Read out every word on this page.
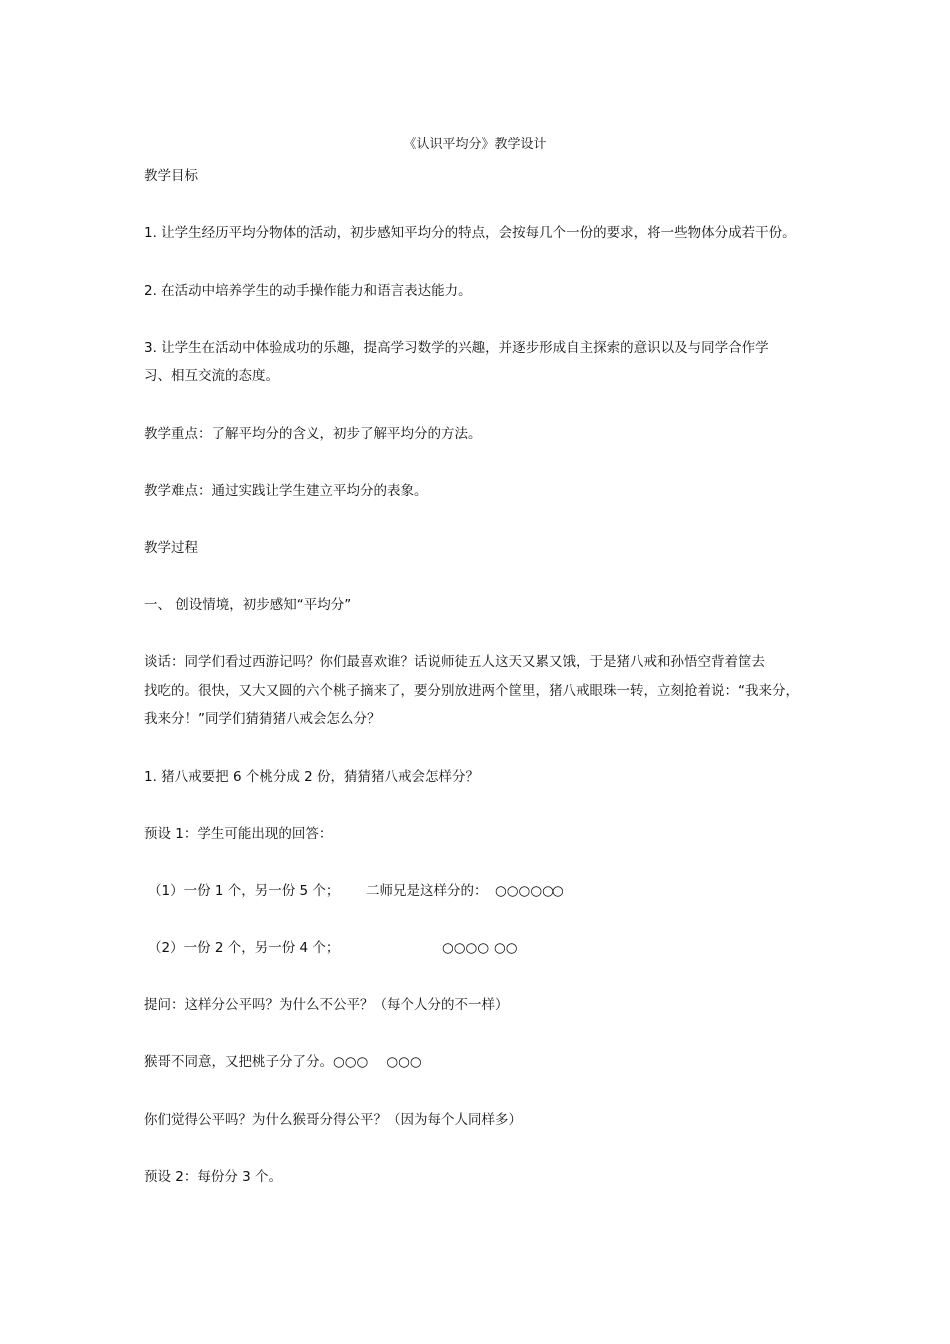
《认识平均分》教学设计
教学目标
1. 让学生经历平均分物体的活动，初步感知平均分的特点，会按每几个一份的要求，将一些物体分成若干份。
2. 在活动中培养学生的动手操作能力和语言表达能力。
3. 让学生在活动中体验成功的乐趣，提高学习数学的兴趣，并逐步形成自主探索的意识以及与同学合作学
习、相互交流的态度。
教学重点：了解平均分的含义，初步了解平均分的方法。
教学难点：通过实践让学生建立平均分的表象。
教学过程
一、 创设情境，初步感知“平均分”
谈话：同学们看过西游记吗？你们最喜欢谁？话说师徒五人这天又累又饿，于是猪八戒和孙悟空背着筐去
找吃的。很快，又大又圆的六个桃子摘来了，要分别放进两个筐里，猪八戒眼珠一转，立刻抢着说：“我来分，
我来分！”同学们猜猜猪八戒会怎么分？
1. 猪八戒要把 6 个桃分成 2 份，猜猜猪八戒会怎样分？
预设 1：学生可能出现的回答：
（1）一份 1 个，另一份 5 个； 二师兄是这样分的： ○○○○○
○
（2）一份 2 个，另一份 4 个；	○○○○ ○○
提问：这样分公平吗？为什么不公平？（每个人分的不一样）
猴哥不同意，又把桃子分了分。○○○ ○○○
你们觉得公平吗？为什么猴哥分得公平？（因为每个人同样多）
预设 2：每份分 3 个。
